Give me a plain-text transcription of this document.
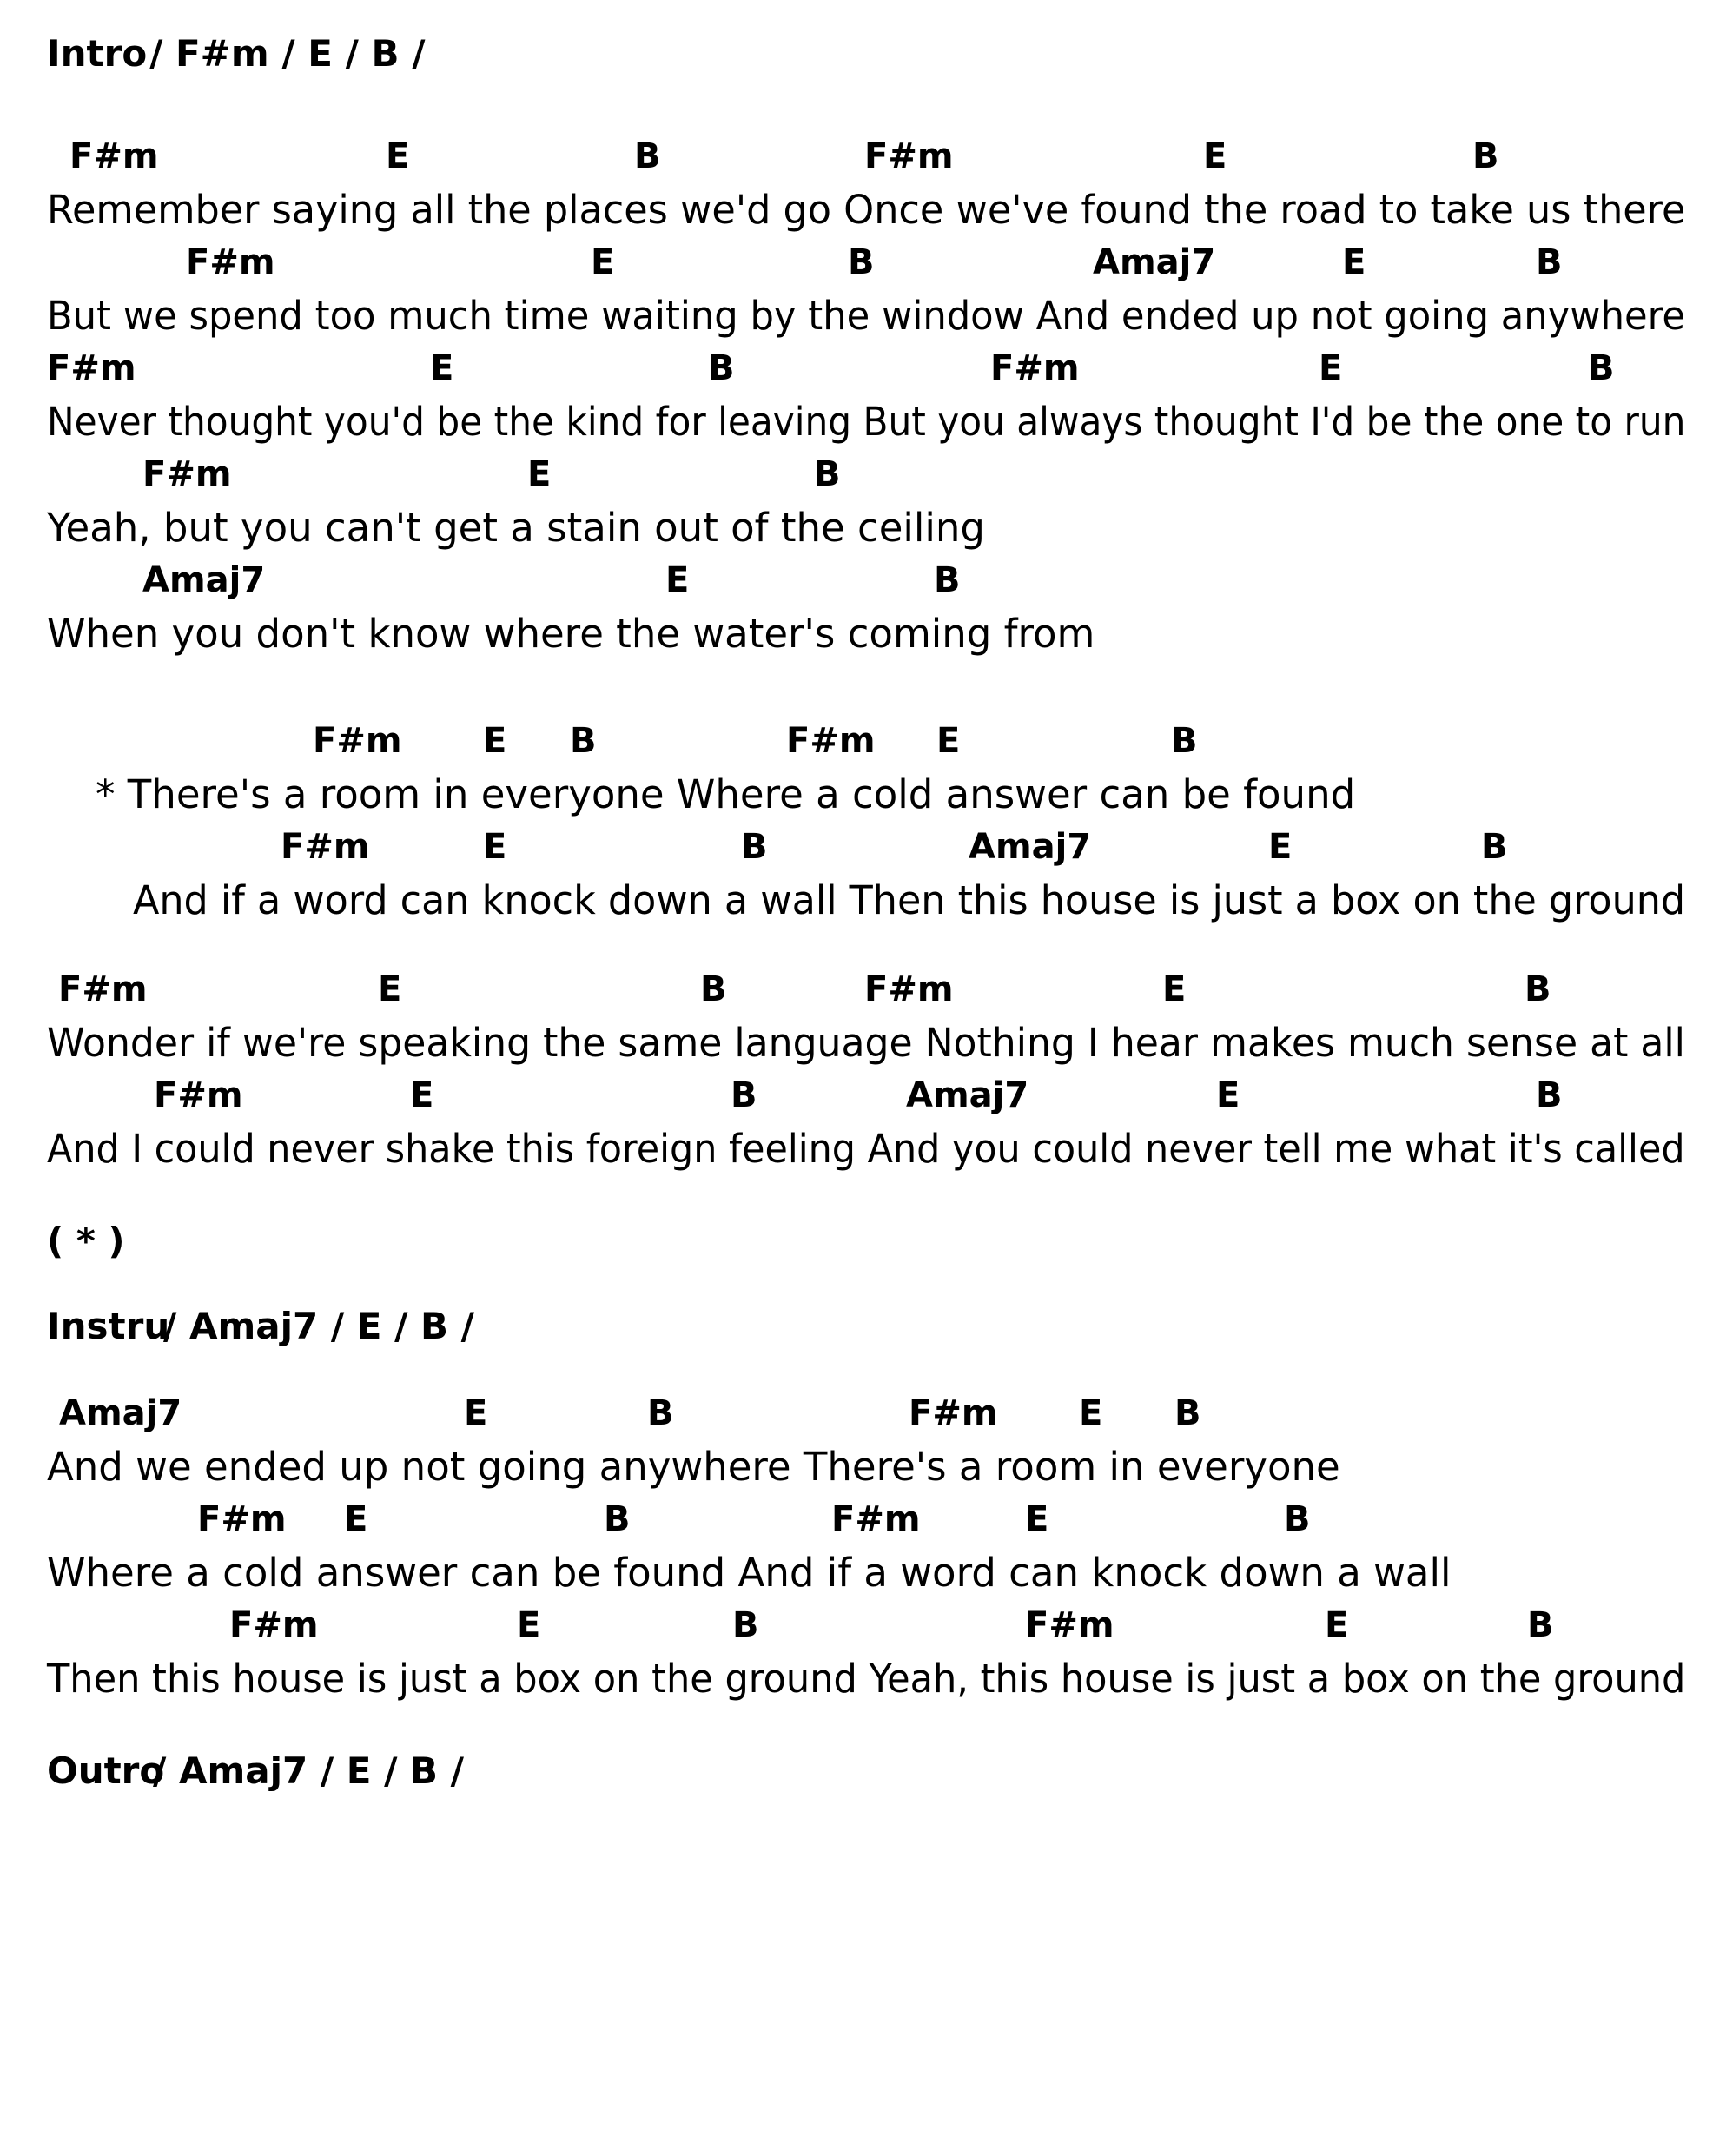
Intro / F#m / E / B /
F#m	E	B	F#m	E	B
Remember saying all the places we'd go Once we've found the road to take us there
F#m	E	B	Amaj7	E	B
But we spend too much time waiting by the window And ended up not going anywhere
F#m	E	B	F#m	E	B
Never thought you'd be the kind for leaving But you always thought I'd be the one to run
F#m	E	B
Yeah, but you can't get a stain out of the ceiling
Amaj7	E	B
When you don't know where the water's coming from
F#m E B	F#m E	B
* There's a room in everyone Where a cold answer can be found
F#m	E	B	Amaj7	E	B
And if a word can knock down a wall Then this house is just a box on the ground
F#m	E	B	F#m	E	B
Wonder if we're speaking the same language Nothing I hear makes much sense at all
F#m	E	B	Amaj7	E	B
And I could never shake this foreign feeling And you could never tell me what it's called
( * )
Instru
/ Amaj7 / E / B /
Amaj7	E	B	F#m E B
And we ended up not going anywhere There's a room in everyone
F#m E	B	F#m	E	B
Where a cold answer can be found And if a word can knock down a wall
F#m	E	B	F#m	E	B
Then this house is just a box on the ground Yeah, this house is just a box on the ground
Outro
/ Amaj7 / E / B /
